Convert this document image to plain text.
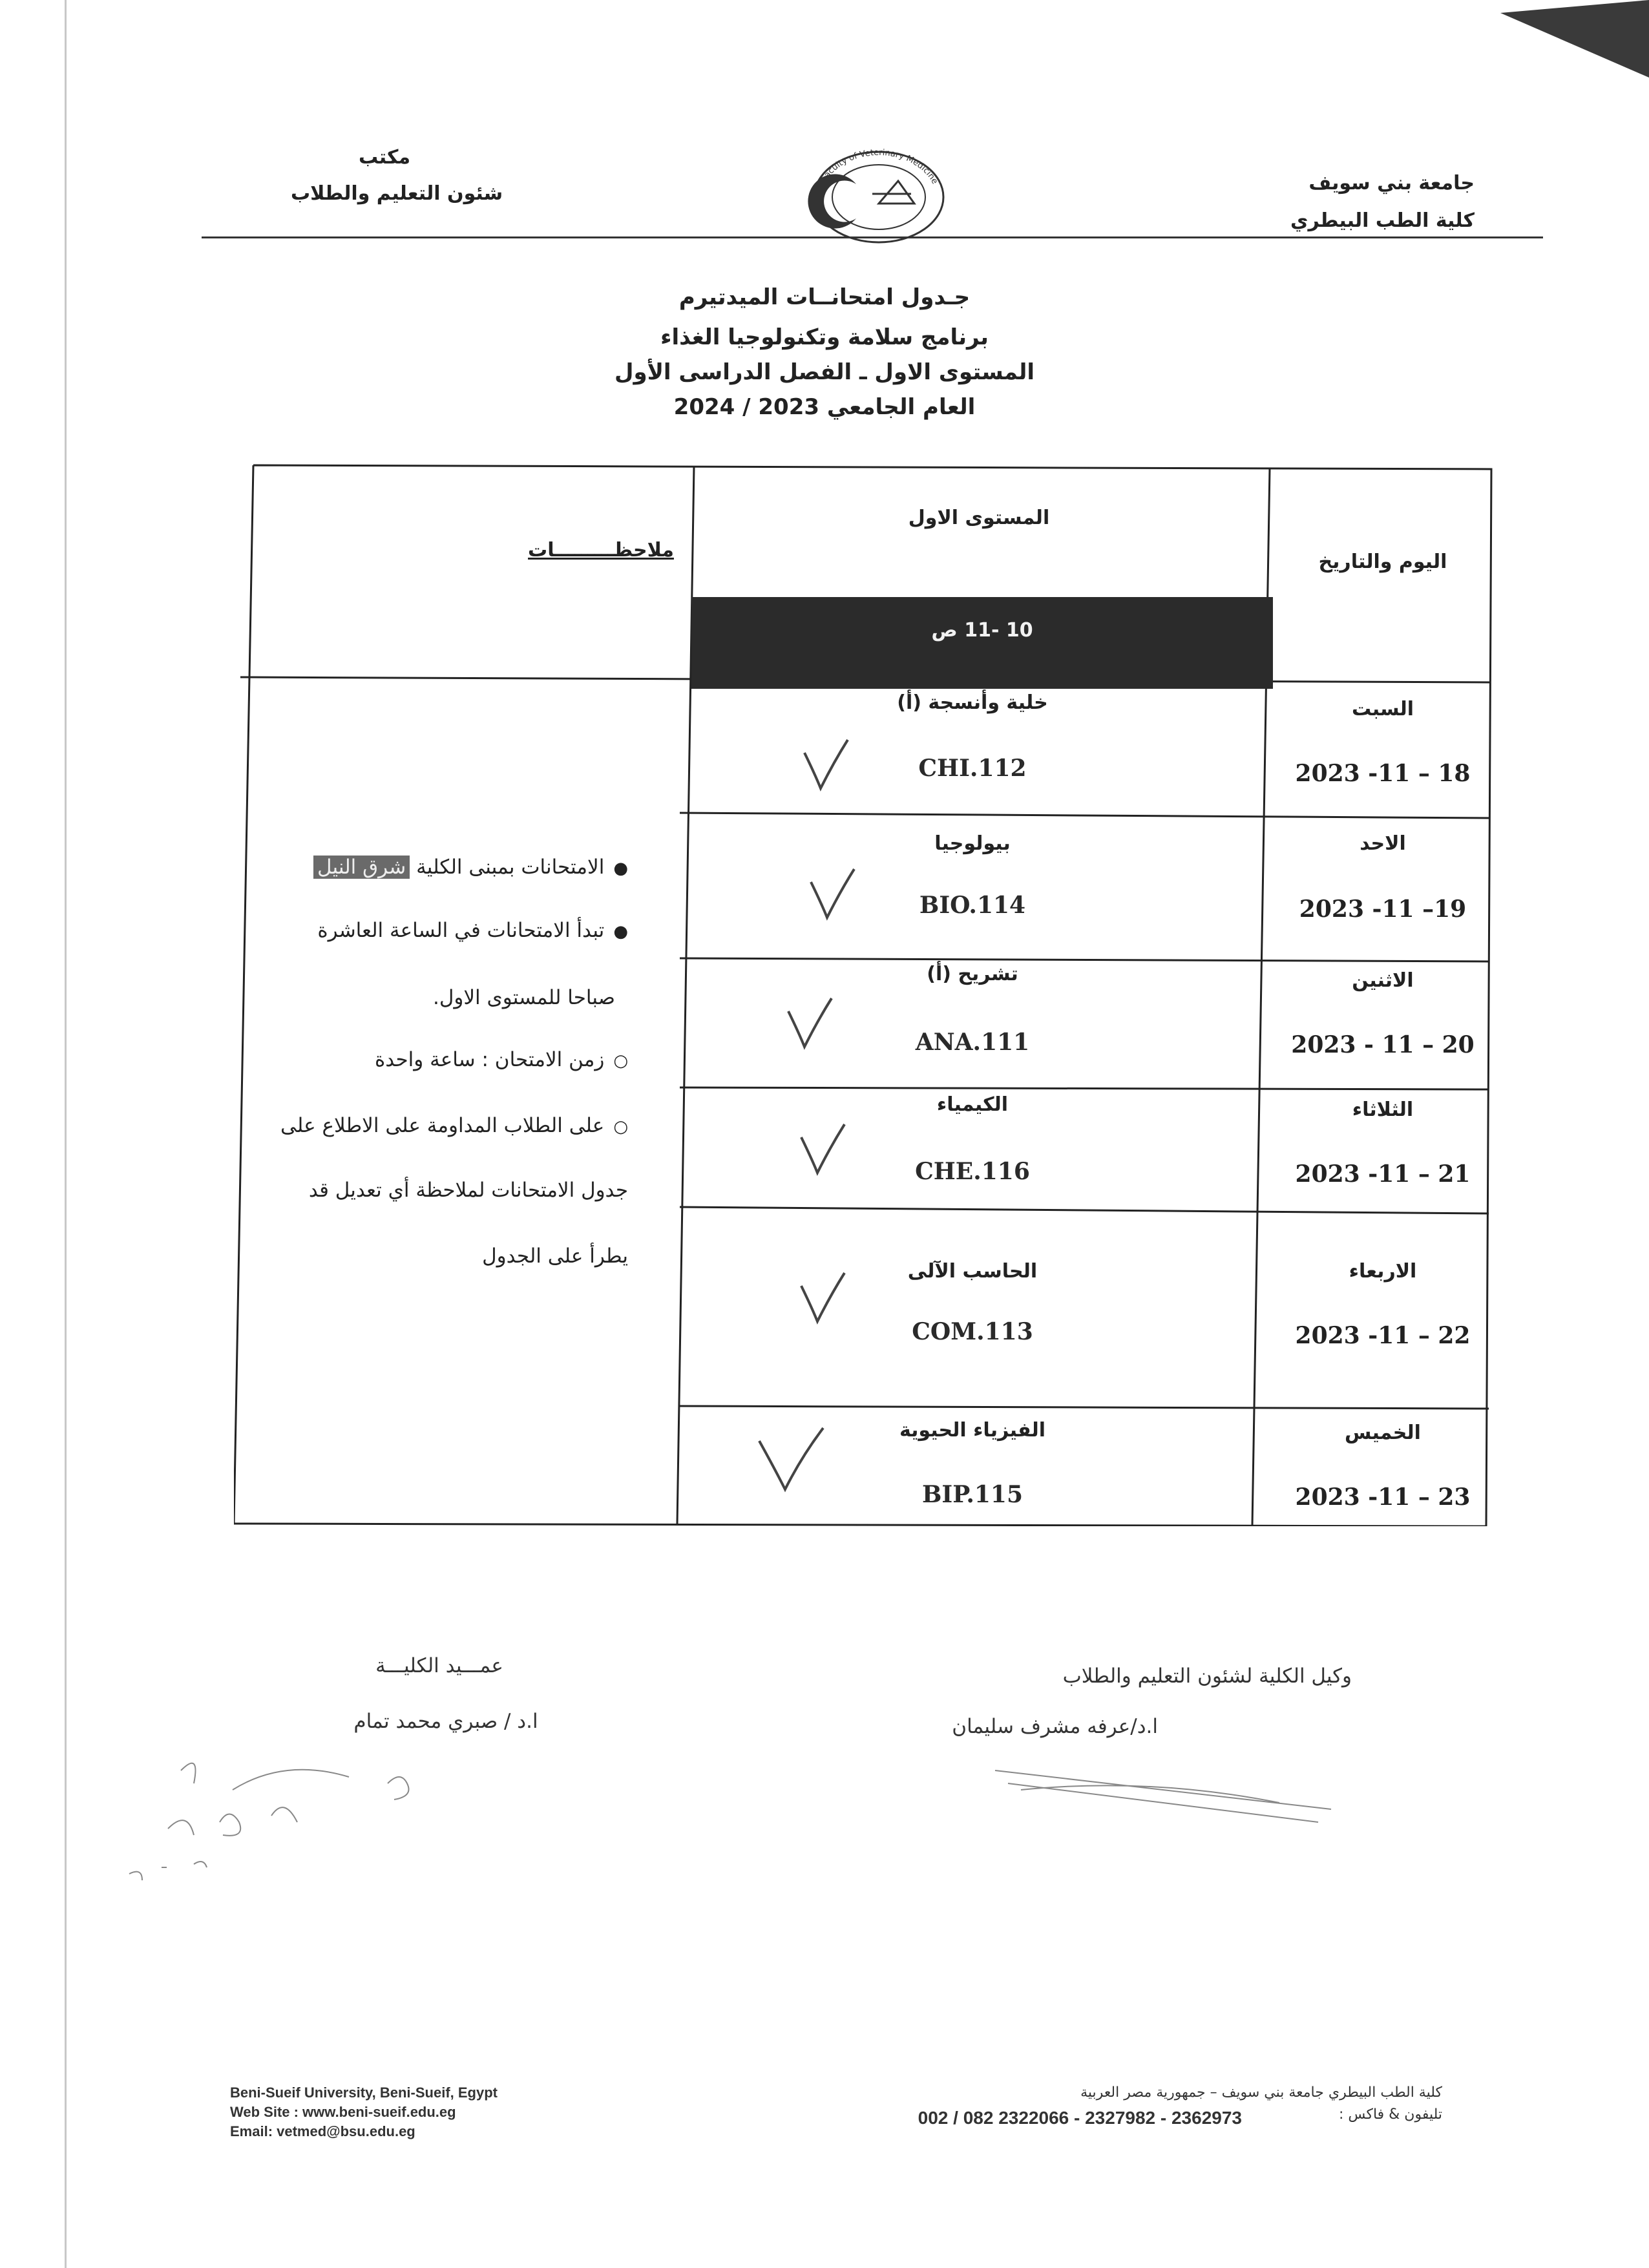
جامعة بني سويف
كلية الطب البيطري
مكتب
شئون التعليم والطلاب
Faculty of Veterinary Medicine
جـدول امتحانــات الميدتيرم
برنامج سلامة وتكنولوجيا الغذاء
المستوى الاول ـ الفصل الدراسى الأول
العام الجامعي 2023 / 2024
اليوم والتاريخ
المستوى الاول
ملاحظـــــــــات
10 -11 ص
السبت
2023 -11 – 18
خلية وأنسجة (أ)
CHI.112
الاحد
2023 -11 –19
بيولوجيا
BIO.114
الاثنين
2023 - 11 – 20
تشريح (أ)
ANA.111
الثلاثاء
2023 -11 – 21
الكيمياء
CHE.116
الاربعاء
2023 -11 – 22
الحاسب الآلى
COM.113
الخميس
2023 -11 – 23
الفيزياء الحيوية
BIP.115
●الامتحانات بمبنى الكلية شرق النيل
●تبدأ الامتحانات في الساعة العاشرة
صباحا للمستوى الاول.
○زمن الامتحان : ساعة واحدة
○على الطلاب المداومة على الاطلاع على
جدول الامتحانات لملاحظة أي تعديل قد
يطرأ على الجدول
عمـــيد الكليـــة
ا.د / صبري محمد تمام
وكيل الكلية لشئون التعليم والطلاب
ا.د/عرفه مشرف سليمان
Beni-Sueif University, Beni-Sueif, Egypt
Web Site : www.beni-sueif.edu.eg
Email: vetmed@bsu.edu.eg
كلية الطب البيطري جامعة بني سويف – جمهورية مصر العربية
تليفون & فاكس :
002 / 082 2322066 - 2327982 - 2362973
